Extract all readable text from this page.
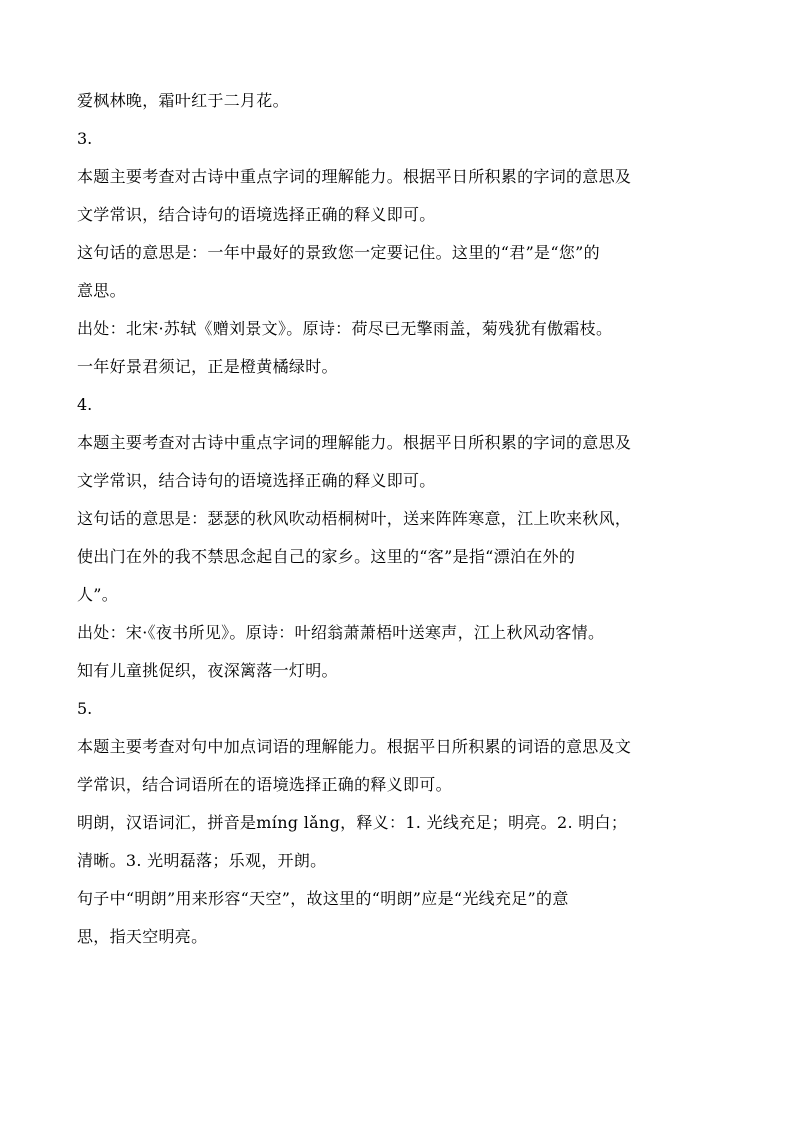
爱枫林晚，霜叶红于二月花。

3.

本题主要考查对古诗中重点字词的理解能力。根据平日所积累的字词的意思及

文学常识，结合诗句的语境选择正确的释义即可。

这句话的意思是：一年中最好的景致您一定要记住。这里的“君”是“您”的

意思。

出处：北宋·苏轼《赠刘景文》。原诗：荷尽已无擎雨盖，菊残犹有傲霜枝。

一年好景君须记，正是橙黄橘绿时。

4.

本题主要考查对古诗中重点字词的理解能力。根据平日所积累的字词的意思及

文学常识，结合诗句的语境选择正确的释义即可。

这句话的意思是：瑟瑟的秋风吹动梧桐树叶，送来阵阵寒意，江上吹来秋风，

使出门在外的我不禁思念起自己的家乡。这里的“客”是指“漂泊在外的

人”。

出处：宋·《夜书所见》。原诗：叶绍翁萧萧梧叶送寒声，江上秋风动客情。

知有儿童挑促织，夜深篱落一灯明。

5.

本题主要考查对句中加点词语的理解能力。根据平日所积累的词语的意思及文

学常识，结合词语所在的语境选择正确的释义即可。

明朗，汉语词汇，拼音是míng lǎng，释义：1. 光线充足；明亮。2. 明白；

清晰。3. 光明磊落；乐观，开朗。

句子中“明朗”用来形容“天空”，故这里的“明朗”应是“光线充足”的意

思，指天空明亮。
